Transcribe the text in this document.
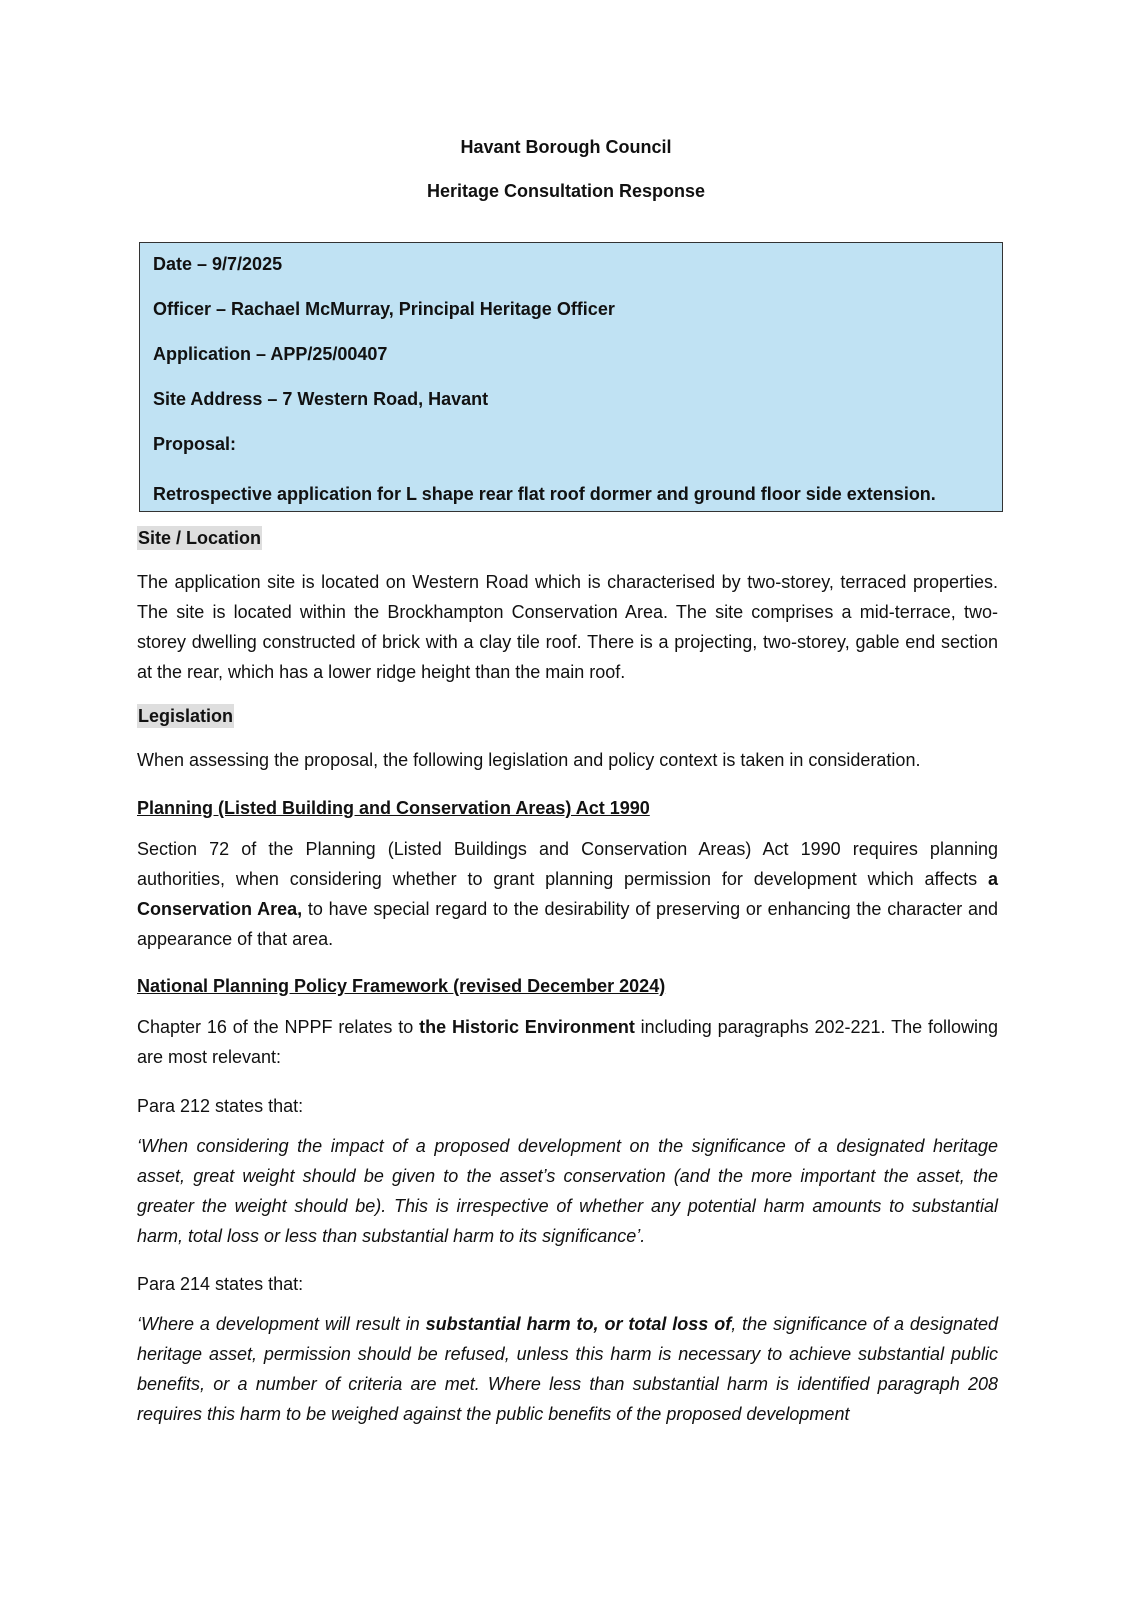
Havant Borough Council
Heritage Consultation Response
Date – 9/7/2025
Officer – Rachael McMurray, Principal Heritage Officer
Application – APP/25/00407
Site Address – 7 Western Road, Havant
Proposal:
Retrospective application for L shape rear flat roof dormer and ground floor side extension.
Site / Location
The application site is located on Western Road which is characterised by two-storey, terraced properties. The site is located within the Brockhampton Conservation Area. The site comprises a mid-terrace, two-storey dwelling constructed of brick with a clay tile roof. There is a projecting, two-storey, gable end section at the rear, which has a lower ridge height than the main roof.
Legislation
When assessing the proposal, the following legislation and policy context is taken in consideration.
Planning (Listed Building and Conservation Areas) Act 1990
Section 72 of the Planning (Listed Buildings and Conservation Areas) Act 1990 requires planning authorities, when considering whether to grant planning permission for development which affects a Conservation Area, to have special regard to the desirability of preserving or enhancing the character and appearance of that area.
National Planning Policy Framework (revised December 2024)
Chapter 16 of the NPPF relates to the Historic Environment including paragraphs 202-221. The following are most relevant:
Para 212 states that:
‘When considering the impact of a proposed development on the significance of a designated heritage asset, great weight should be given to the asset’s conservation (and the more important the asset, the greater the weight should be). This is irrespective of whether any potential harm amounts to substantial harm, total loss or less than substantial harm to its significance’.
Para 214 states that:
‘Where a development will result in substantial harm to, or total loss of, the significance of a designated heritage asset, permission should be refused, unless this harm is necessary to achieve substantial public benefits, or a number of criteria are met. Where less than substantial harm is identified paragraph 208 requires this harm to be weighed against the public benefits of the proposed development
